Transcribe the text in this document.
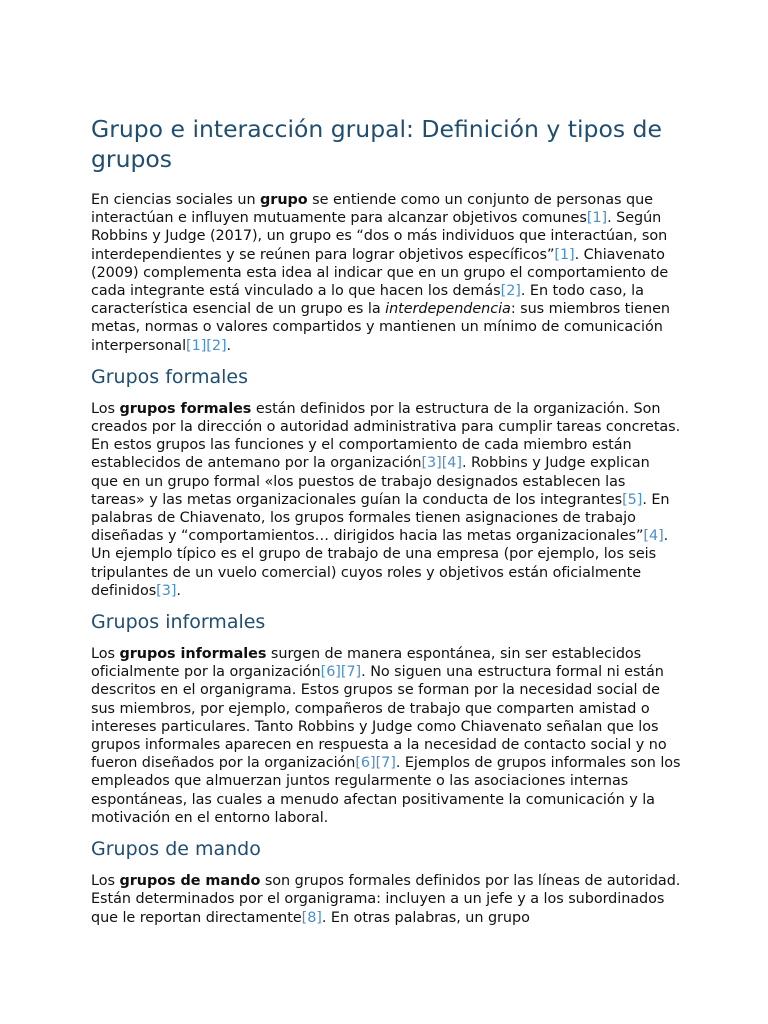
Grupo e interacción grupal: Definición y tipos de grupos

En ciencias sociales un grupo se entiende como un conjunto de personas que interactúan e influyen mutuamente para alcanzar objetivos comunes[1]. Según Robbins y Judge (2017), un grupo es “dos o más individuos que interactúan, son interdependientes y se reúnen para lograr objetivos específicos”[1]. Chiavenato (2009) complementa esta idea al indicar que en un grupo el comportamiento de cada integrante está vinculado a lo que hacen los demás[2]. En todo caso, la característica esencial de un grupo es la interdependencia: sus miembros tienen metas, normas o valores compartidos y mantienen un mínimo de comunicación interpersonal[1][2].

Grupos formales

Los grupos formales están definidos por la estructura de la organización. Son creados por la dirección o autoridad administrativa para cumplir tareas concretas. En estos grupos las funciones y el comportamiento de cada miembro están establecidos de antemano por la organización[3][4]. Robbins y Judge explican que en un grupo formal «los puestos de trabajo designados establecen las tareas» y las metas organizacionales guían la conducta de los integrantes[5]. En palabras de Chiavenato, los grupos formales tienen asignaciones de trabajo diseñadas y “comportamientos… dirigidos hacia las metas organizacionales”[4]. Un ejemplo típico es el grupo de trabajo de una empresa (por ejemplo, los seis tripulantes de un vuelo comercial) cuyos roles y objetivos están oficialmente definidos[3].

Grupos informales

Los grupos informales surgen de manera espontánea, sin ser establecidos oficialmente por la organización[6][7]. No siguen una estructura formal ni están descritos en el organigrama. Estos grupos se forman por la necesidad social de sus miembros, por ejemplo, compañeros de trabajo que comparten amistad o intereses particulares. Tanto Robbins y Judge como Chiavenato señalan que los grupos informales aparecen en respuesta a la necesidad de contacto social y no fueron diseñados por la organización[6][7]. Ejemplos de grupos informales son los empleados que almuerzan juntos regularmente o las asociaciones internas espontáneas, las cuales a menudo afectan positivamente la comunicación y la motivación en el entorno laboral.

Grupos de mando

Los grupos de mando son grupos formales definidos por las líneas de autoridad. Están determinados por el organigrama: incluyen a un jefe y a los subordinados que le reportan directamente[8]. En otras palabras, un grupo
